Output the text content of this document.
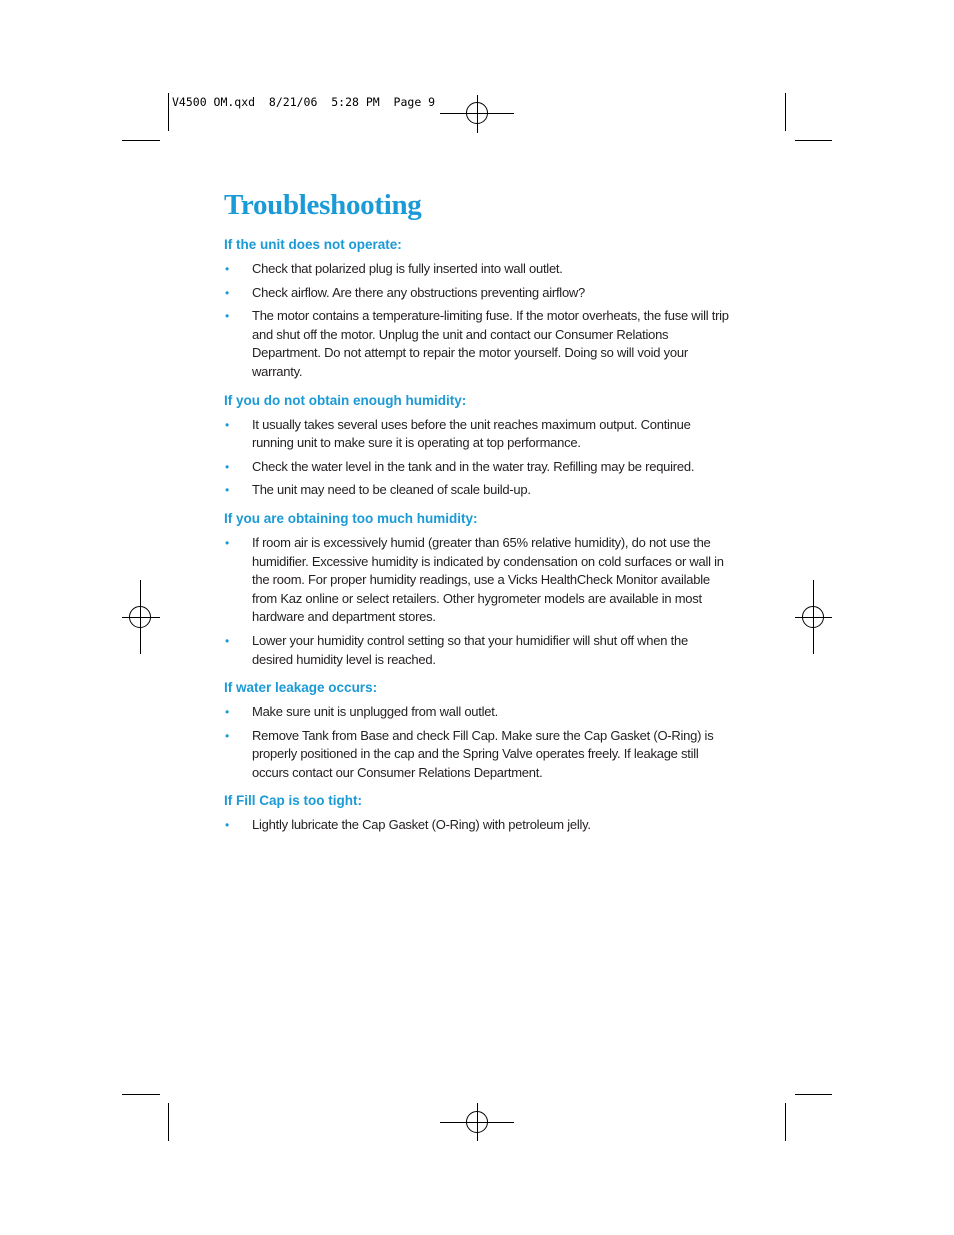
V4500 OM.qxd  8/21/06  5:28 PM  Page 9
Troubleshooting
If the unit does not operate:
• Check that polarized plug is fully inserted into wall outlet.
• Check airflow. Are there any obstructions preventing airflow?
• The motor contains a temperature-limiting fuse. If the motor overheats, the fuse will trip and shut off the motor. Unplug the unit and contact our Consumer Relations Department. Do not attempt to repair the motor yourself. Doing so will void your warranty.
If you do not obtain enough humidity:
• It usually takes several uses before the unit reaches maximum output. Continue running unit to make sure it is operating at top performance.
• Check the water level in the tank and in the water tray. Refilling may be required.
• The unit may need to be cleaned of scale build-up.
If you are obtaining too much humidity:
• If room air is excessively humid (greater than 65% relative humidity), do not use the humidifier. Excessive humidity is indicated by condensation on cold surfaces or wall in the room. For proper humidity readings, use a Vicks HealthCheck Monitor available from Kaz online or select retailers. Other hygrometer models are available in most hardware and department stores.
• Lower your humidity control setting so that your humidifier will shut off when the desired humidity level is reached.
If water leakage occurs:
• Make sure unit is unplugged from wall outlet.
• Remove Tank from Base and check Fill Cap. Make sure the Cap Gasket (O-Ring) is properly positioned in the cap and the Spring Valve operates freely. If leakage still occurs contact our Consumer Relations Department.
If Fill Cap is too tight:
• Lightly lubricate the Cap Gasket (O-Ring) with petroleum jelly.
